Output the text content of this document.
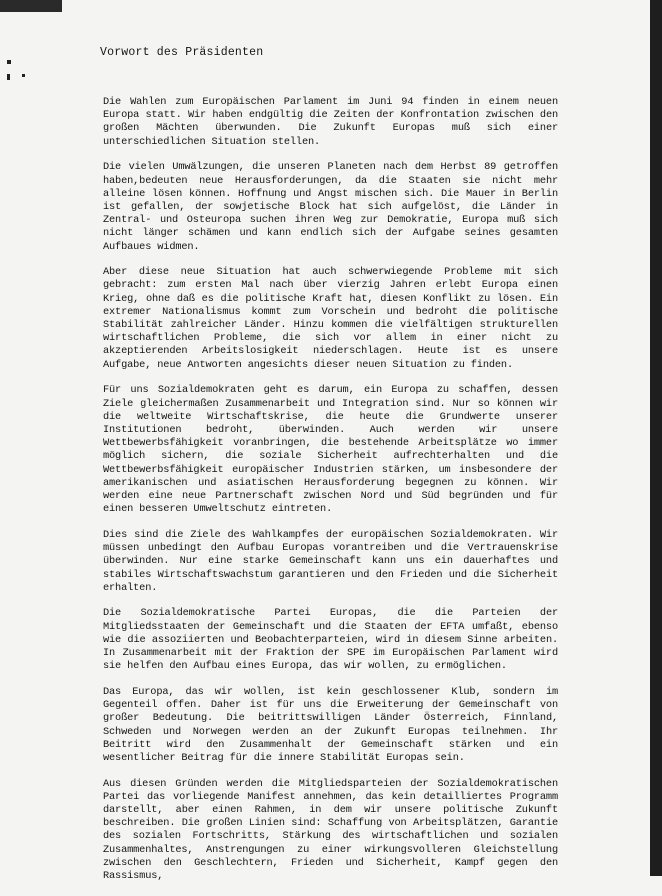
Vorwort des Präsidenten

Die Wahlen zum Europäischen Parlament im Juni 94 finden in einem neuen Europa statt. Wir haben endgültig die Zeiten der Konfrontation zwischen den großen Mächten überwunden. Die Zukunft Europas muß sich einer unterschiedlichen Situation stellen.

Die vielen Umwälzungen, die unseren Planeten nach dem Herbst 89 getroffen haben,bedeuten neue Herausforderungen, da die Staaten sie nicht mehr alleine lösen können. Hoffnung und Angst mischen sich. Die Mauer in Berlin ist gefallen, der sowjetische Block hat sich aufgelöst, die Länder in Zentral- und Osteuropa suchen ihren Weg zur Demokratie, Europa muß sich nicht länger schämen und kann endlich sich der Aufgabe seines gesamten Aufbaues widmen.

Aber diese neue Situation hat auch schwerwiegende Probleme mit sich gebracht: zum ersten Mal nach über vierzig Jahren erlebt Europa einen Krieg, ohne daß es die politische Kraft hat, diesen Konflikt zu lösen. Ein extremer Nationalismus kommt zum Vorschein und bedroht die politische Stabilität zahlreicher Länder. Hinzu kommen die vielfältigen strukturellen wirtschaftlichen Probleme, die sich vor allem in einer nicht zu akzeptierenden Arbeitslosigkeit niederschlagen. Heute ist es unsere Aufgabe, neue Antworten angesichts dieser neuen Situation zu finden.

Für uns Sozialdemokraten geht es darum, ein Europa zu schaffen, dessen Ziele gleichermaßen Zusammenarbeit und Integration sind. Nur so können wir die weltweite Wirtschaftskrise, die heute die Grundwerte unserer Institutionen bedroht, überwinden. Auch werden wir unsere Wettbewerbsfähigkeit voranbringen, die bestehende Arbeitsplätze wo immer möglich sichern, die soziale Sicherheit aufrechterhalten und die Wettbewerbsfähigkeit europäischer Industrien stärken, um insbesondere der amerikanischen und asiatischen Herausforderung begegnen zu können. Wir werden eine neue Partnerschaft zwischen Nord und Süd begründen und für einen besseren Umweltschutz eintreten.

Dies sind die Ziele des Wahlkampfes der europäischen Sozialdemokraten. Wir müssen unbedingt den Aufbau Europas vorantreiben und die Vertrauenskrise überwinden. Nur eine starke Gemeinschaft kann uns ein dauerhaftes und stabiles Wirtschaftswachstum garantieren und den Frieden und die Sicherheit erhalten.

Die Sozialdemokratische Partei Europas, die die Parteien der Mitgliedsstaaten der Gemeinschaft und die Staaten der EFTA umfaßt, ebenso wie die assoziierten und Beobachterparteien, wird in diesem Sinne arbeiten. In Zusammenarbeit mit der Fraktion der SPE im Europäischen Parlament wird sie helfen den Aufbau eines Europa, das wir wollen, zu ermöglichen.

Das Europa, das wir wollen, ist kein geschlossener Klub, sondern im Gegenteil offen. Daher ist für uns die Erweiterung der Gemeinschaft von großer Bedeutung. Die beitrittswilligen Länder Österreich, Finnland, Schweden und Norwegen werden an der Zukunft Europas teilnehmen. Ihr Beitritt wird den Zusammenhalt der Gemeinschaft stärken und ein wesentlicher Beitrag für die innere Stabilität Europas sein.

Aus diesen Gründen werden die Mitgliedsparteien der Sozialdemokratischen Partei das vorliegende Manifest annehmen, das kein detailliertes Programm darstellt, aber einen Rahmen, in dem wir unsere politische Zukunft beschreiben. Die großen Linien sind: Schaffung von Arbeitsplätzen, Garantie des sozialen Fortschritts, Stärkung des wirtschaftlichen und sozialen Zusammenhaltes, Anstrengungen zu einer wirkungsvolleren Gleichstellung zwischen den Geschlechtern, Frieden und Sicherheit, Kampf gegen den Rassismus,
